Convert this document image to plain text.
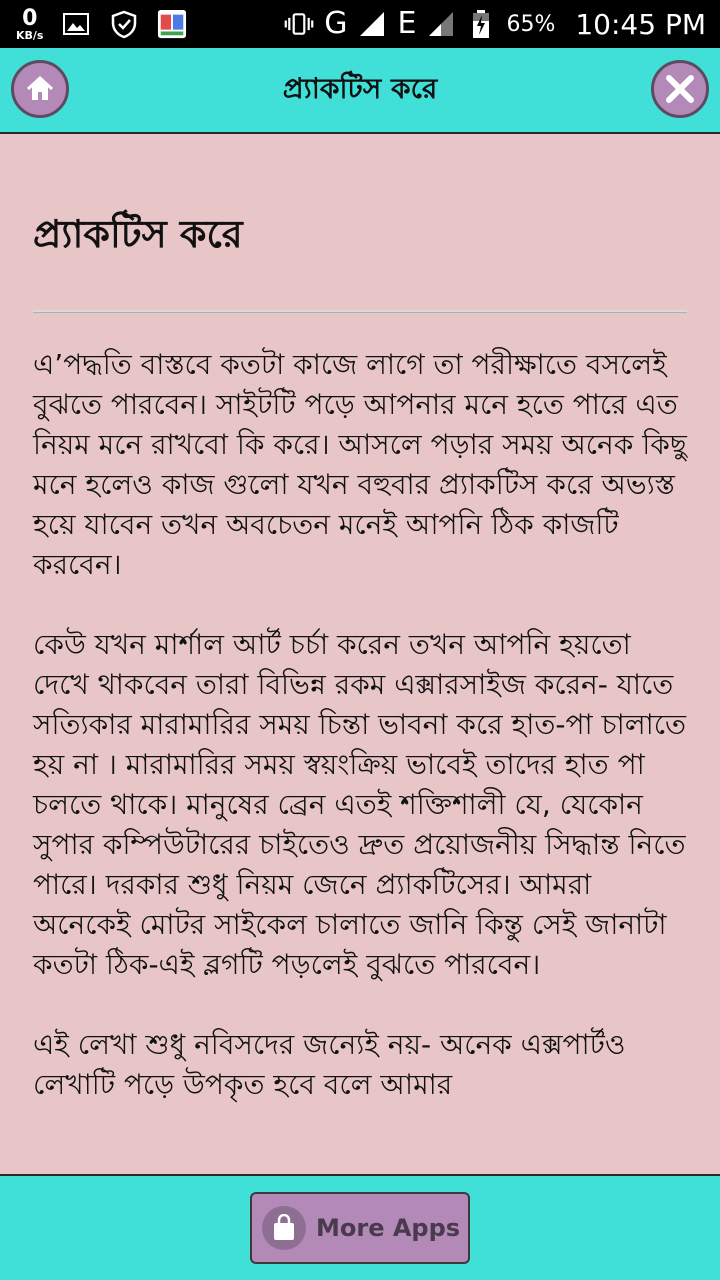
0
KB/s	G E	65% 10:45 PM
প্র্যাকটিস করে
প্র্যাকটিস করে

এ’পদ্ধতি বাস্তবে কতটা কাজে লাগে তা পরীক্ষাতে বসলেই বুঝতে পারবেন। সাইটটি পড়ে আপনার মনে হতে পারে এত নিয়ম মনে রাখবো কি করে। আসলে পড়ার সময় অনেক কিছু মনে হলেও কাজ গুলো যখন বহুবার প্র্যাকটিস করে অভ্যস্ত হয়ে যাবেন তখন অবচেতন মনেই আপনি ঠিক কাজটি করবেন।

কেউ যখন মার্শাল আর্ট চর্চা করেন তখন আপনি হয়তো দেখে থাকবেন তারা বিভিন্ন রকম এক্সারসাইজ করেন- যাতে সত্যিকার মারামারির সময় চিন্তা ভাবনা করে হাত-পা চালাতে হয় না । মারামারির সময় স্বয়ংক্রিয় ভাবেই তাদের হাত পা চলতে থাকে। মানুষের ব্রেন এতই শক্তিশালী যে, যেকোন সুপার কম্পিউটারের চাইতেও দ্রুত প্রয়োজনীয় সিদ্ধান্ত নিতে পারে। দরকার শুধু নিয়ম জেনে প্র্যাকটিসের। আমরা অনেকেই মোটর সাইকেল চালাতে জানি কিন্তু সেই জানাটা কতটা ঠিক-এই ব্লগটি পড়লেই বুঝতে পারবেন।

এই লেখা শুধু নবিসদের জন্যেই নয়- অনেক এক্সপার্টও লেখাটি পড়ে উপকৃত হবে বলে আমার

More Apps
